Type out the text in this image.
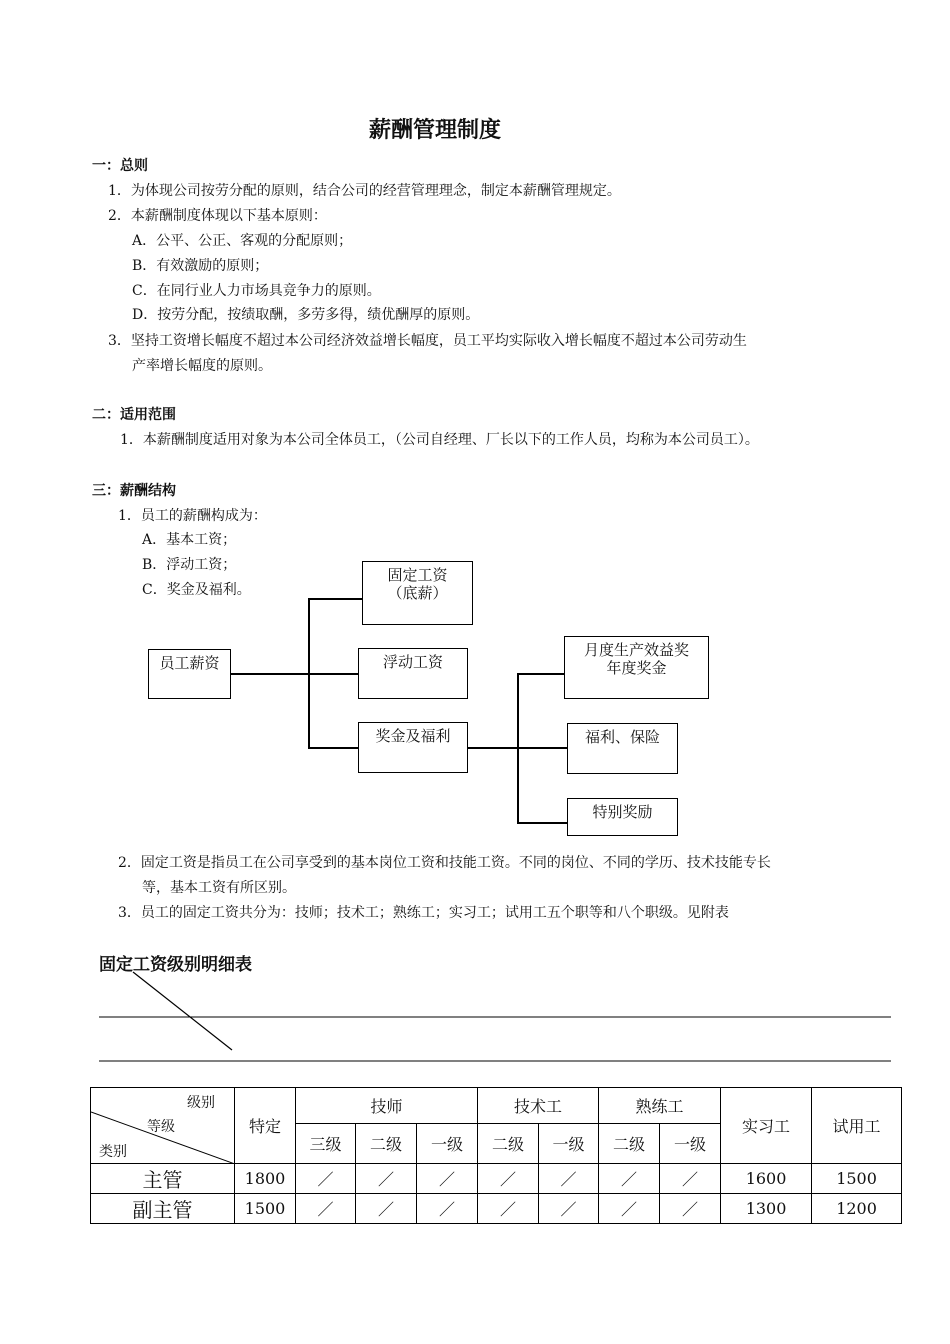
薪酬管理制度
一：总则
1．为体现公司按劳分配的原则，结合公司的经营管理理念，制定本薪酬管理规定。
2．本薪酬制度体现以下基本原则：
A．公平、公正、客观的分配原则；
B．有效激励的原则；
C．在同行业人力市场具竞争力的原则。
D．按劳分配，按绩取酬，多劳多得，绩优酬厚的原则。
3．坚持工资增长幅度不超过本公司经济效益增长幅度，员工平均实际收入增长幅度不超过本公司劳动生
产率增长幅度的原则。
二：适用范围
1．本薪酬制度适用对象为本公司全体员工，（公司自经理、厂长以下的工作人员，均称为本公司员工）。
三：薪酬结构
1．员工的薪酬构成为：
A．基本工资；
B．浮动工资；
C．奖金及福利。
员工薪资
固定工资
（底薪）
浮动工资
奖金及福利
月度生产效益奖
年度奖金
福利、保险
特别奖励
2．固定工资是指员工在公司享受到的基本岗位工资和技能工资。不同的岗位、不同的学历、技术技能专长
等，基本工资有所区别。
3．员工的固定工资共分为：技师；技术工；熟练工；实习工；试用工五个职等和八个职级。见附表
固定工资级别明细表
级别
等级
类别	特定	技师			技术工		熟练工		实习工	试用工
		三级	二级	一级	二级	一级	二级	一级		
主管	1800	／	／	／	／	／	／	／	1600	1500
副主管	1500	／	／	／	／	／	／	／	1300	1200
